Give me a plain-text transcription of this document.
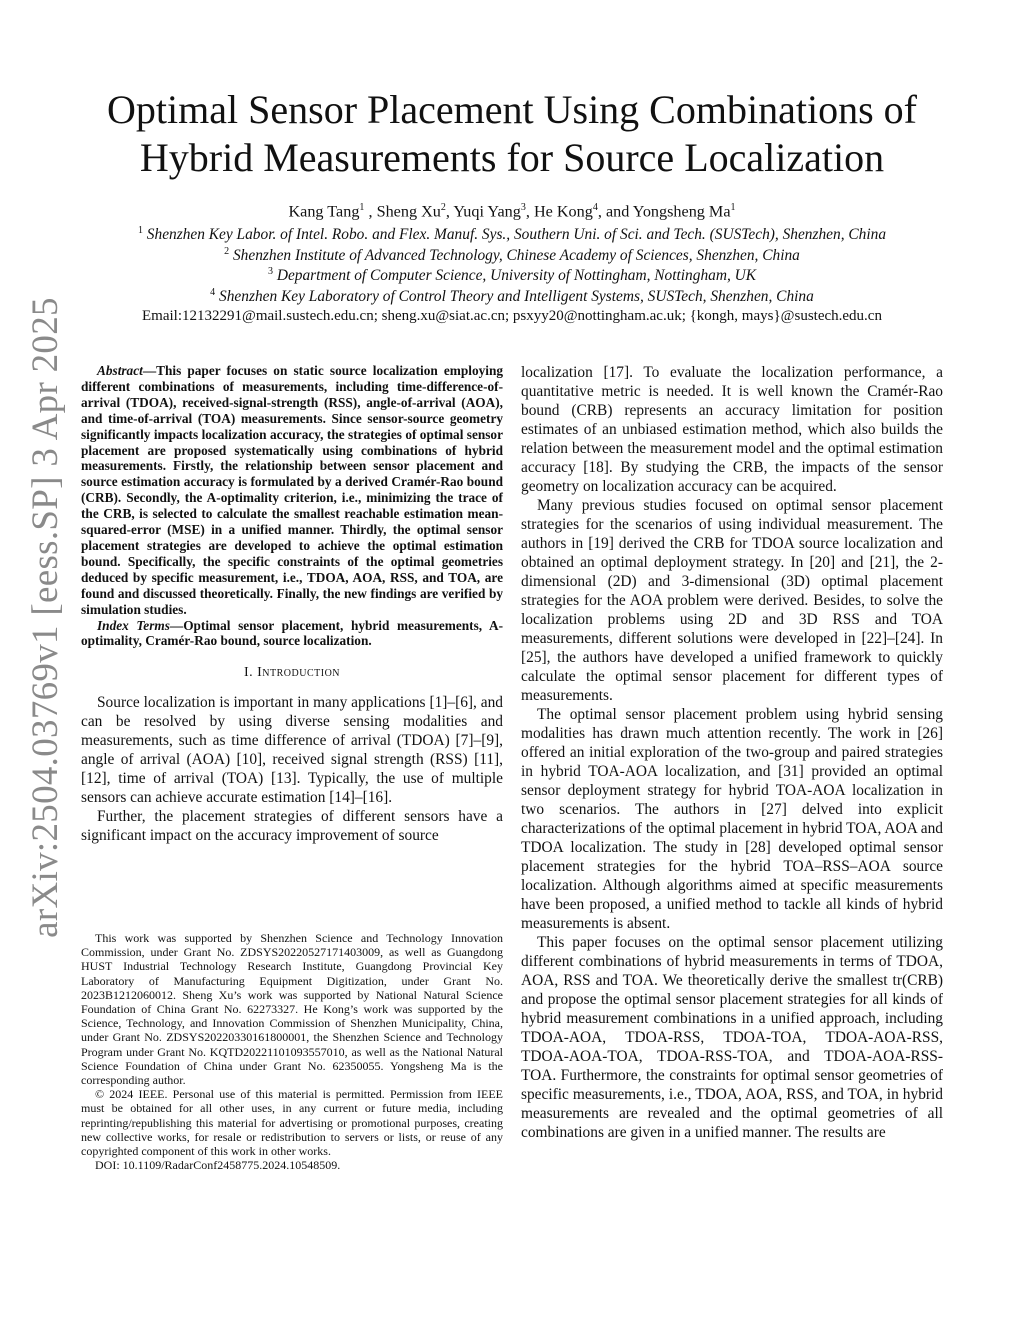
arXiv:2504.03769v1 [eess.SP] 3 Apr 2025
Optimal Sensor Placement Using Combinations of
Hybrid Measurements for Source Localization
Kang Tang$^1$ , Sheng Xu$^2$, Yuqi Yang$^3$, He Kong$^4$, and Yongsheng Ma$^1$
$^1$ Shenzhen Key Labor. of Intel. Robo. and Flex. Manuf. Sys., Southern Uni. of Sci. and Tech. (SUSTech), Shenzhen, China
$^2$ Shenzhen Institute of Advanced Technology, Chinese Academy of Sciences, Shenzhen, China
$^3$ Department of Computer Science, University of Nottingham, Nottingham, UK
$^4$ Shenzhen Key Laboratory of Control Theory and Intelligent Systems, SUSTech, Shenzhen, China
Email:12132291@mail.sustech.edu.cn; sheng.xu@siat.ac.cn; psxyy20@nottingham.ac.uk; {kongh, mays}@sustech.edu.cn

Abstract—This paper focuses on static source localization employing different combinations of measurements, including time-difference-of-arrival (TDOA), received-signal-strength (RSS), angle-of-arrival (AOA), and time-of-arrival (TOA) measurements. Since sensor-source geometry significantly impacts localization accuracy, the strategies of optimal sensor placement are proposed systematically using combinations of hybrid measurements. Firstly, the relationship between sensor placement and source estimation accuracy is formulated by a derived Cramér-Rao bound (CRB). Secondly, the A-optimality criterion, i.e., minimizing the trace of the CRB, is selected to calculate the smallest reachable estimation mean-squared-error (MSE) in a unified manner. Thirdly, the optimal sensor placement strategies are developed to achieve the optimal estimation bound. Specifically, the specific constraints of the optimal geometries deduced by specific measurement, i.e., TDOA, AOA, RSS, and TOA, are found and discussed theoretically. Finally, the new findings are verified by simulation studies.

Index Terms—Optimal sensor placement, hybrid measurements, A-optimality, Cramér-Rao bound, source localization.

I. Introduction

Source localization is important in many applications [1]–[6], and can be resolved by using diverse sensing modalities and measurements, such as time difference of arrival (TDOA) [7]–[9], angle of arrival (AOA) [10], received signal strength (RSS) [11], [12], time of arrival (TOA) [13]. Typically, the use of multiple sensors can achieve accurate estimation [14]–[16].

Further, the placement strategies of different sensors have a significant impact on the accuracy improvement of source

This work was supported by Shenzhen Science and Technology Innovation Commission, under Grant No. ZDSYS20220527171403009, as well as Guangdong HUST Industrial Technology Research Institute, Guangdong Provincial Key Laboratory of Manufacturing Equipment Digitization, under Grant No. 2023B1212060012. Sheng Xu’s work was supported by National Natural Science Foundation of China Grant No. 62273327. He Kong’s work was supported by the Science, Technology, and Innovation Commission of Shenzhen Municipality, China, under Grant No. ZDSYS20220330161800001, the Shenzhen Science and Technology Program under Grant No. KQTD20221101093557010, as well as the National Natural Science Foundation of China under Grant No. 62350055. Yongsheng Ma is the corresponding author.

© 2024 IEEE. Personal use of this material is permitted. Permission from IEEE must be obtained for all other uses, in any current or future media, including reprinting/republishing this material for advertising or promotional purposes, creating new collective works, for resale or redistribution to servers or lists, or reuse of any copyrighted component of this work in other works.

DOI: 10.1109/RadarConf2458775.2024.10548509.

localization [17]. To evaluate the localization performance, a quantitative metric is needed. It is well known the Cramér-Rao bound (CRB) represents an accuracy limitation for position estimates of an unbiased estimation method, which also builds the relation between the measurement model and the optimal estimation accuracy [18]. By studying the CRB, the impacts of the sensor geometry on localization accuracy can be acquired.

Many previous studies focused on optimal sensor placement strategies for the scenarios of using individual measurement. The authors in [19] derived the CRB for TDOA source localization and obtained an optimal deployment strategy. In [20] and [21], the 2-dimensional (2D) and 3-dimensional (3D) optimal placement strategies for the AOA problem were derived. Besides, to solve the localization problems using 2D and 3D RSS and TOA measurements, different solutions were developed in [22]–[24]. In [25], the authors have developed a unified framework to quickly calculate the optimal sensor placement for different types of measurements.

The optimal sensor placement problem using hybrid sensing modalities has drawn much attention recently. The work in [26] offered an initial exploration of the two-group and paired strategies in hybrid TOA-AOA localization, and [31] provided an optimal sensor deployment strategy for hybrid TOA-AOA localization in two scenarios. The authors in [27] delved into explicit characterizations of the optimal placement in hybrid TOA, AOA and TDOA localization. The study in [28] developed optimal sensor placement strategies for the hybrid TOA–RSS–AOA source localization. Although algorithms aimed at specific measurements have been proposed, a unified method to tackle all kinds of hybrid measurements is absent.

This paper focuses on the optimal sensor placement utilizing different combinations of hybrid measurements in terms of TDOA, AOA, RSS and TOA. We theoretically derive the smallest tr(CRB) and propose the optimal sensor placement strategies for all kinds of hybrid measurement combinations in a unified approach, including TDOA-AOA, TDOA-RSS, TDOA-TOA, TDOA-AOA-RSS, TDOA-AOA-TOA, TDOA-RSS-TOA, and TDOA-AOA-RSS-TOA. Furthermore, the constraints for optimal sensor geometries of specific measurements, i.e., TDOA, AOA, RSS, and TOA, in hybrid measurements are revealed and the optimal geometries of all combinations are given in a unified manner. The results are
